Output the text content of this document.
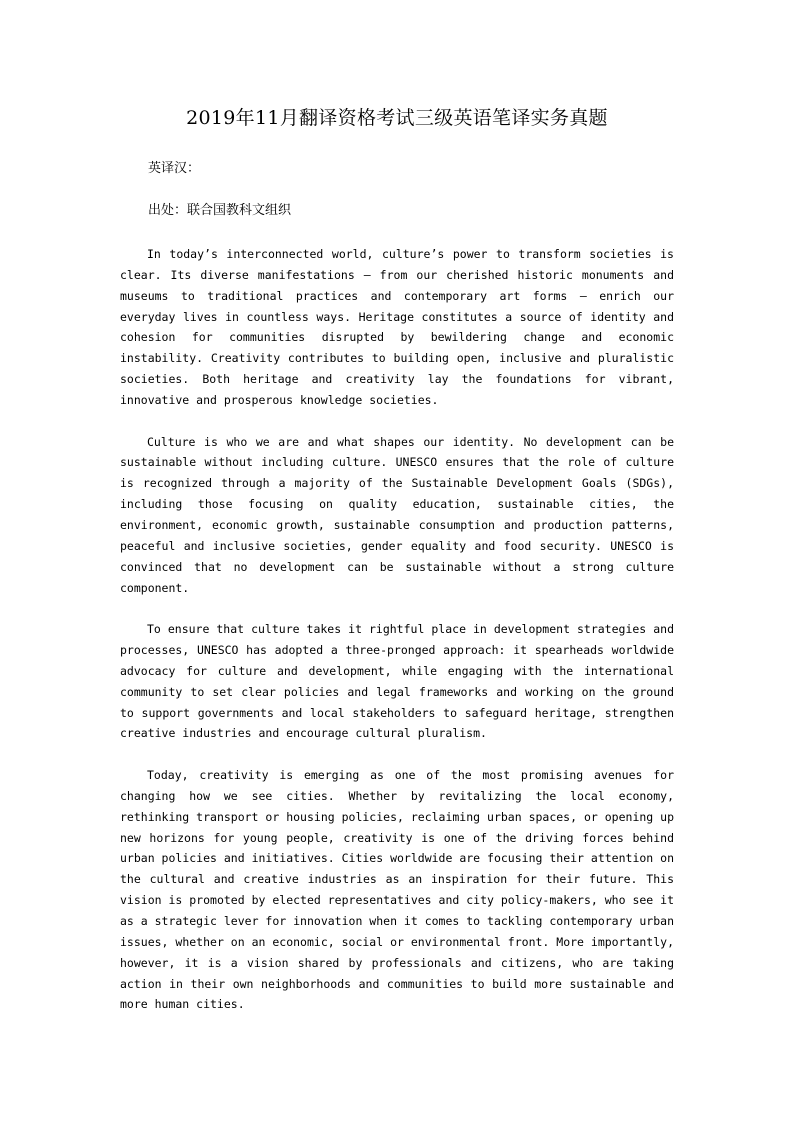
2019年11月翻译资格考试三级英语笔译实务真题
英译汉：
出处：联合国教科文组织

In today’s interconnected world, culture’s power to transform societies is clear. Its diverse manifestations – from our cherished historic monuments and museums to traditional practices and contemporary art forms – enrich our everyday lives in countless ways. Heritage constitutes a source of identity and cohesion for communities disrupted by bewildering change and economic instability. Creativity contributes to building open, inclusive and pluralistic societies. Both heritage and creativity lay the foundations for vibrant, innovative and prosperous knowledge societies.

Culture is who we are and what shapes our identity. No development can be sustainable without including culture. UNESCO ensures that the role of culture is recognized through a majority of the Sustainable Development Goals (SDGs), including those focusing on quality education, sustainable cities, the environment, economic growth, sustainable consumption and production patterns, peaceful and inclusive societies, gender equality and food security. UNESCO is convinced that no development can be sustainable without a strong culture component.

To ensure that culture takes it rightful place in development strategies and processes, UNESCO has adopted a three-pronged approach: it spearheads worldwide advocacy for culture and development, while engaging with the international community to set clear policies and legal frameworks and working on the ground to support governments and local stakeholders to safeguard heritage, strengthen creative industries and encourage cultural pluralism.

Today, creativity is emerging as one of the most promising avenues for changing how we see cities. Whether by revitalizing the local economy, rethinking transport or housing policies, reclaiming urban spaces, or opening up new horizons for young people, creativity is one of the driving forces behind urban policies and initiatives. Cities worldwide are focusing their attention on the cultural and creative industries as an inspiration for their future. This vision is promoted by elected representatives and city policy-makers, who see it as a strategic lever for innovation when it comes to tackling contemporary urban issues, whether on an economic, social or environmental front. More importantly, however, it is a vision shared by professionals and citizens, who are taking action in their own neighborhoods and communities to build more sustainable and more human cities.
